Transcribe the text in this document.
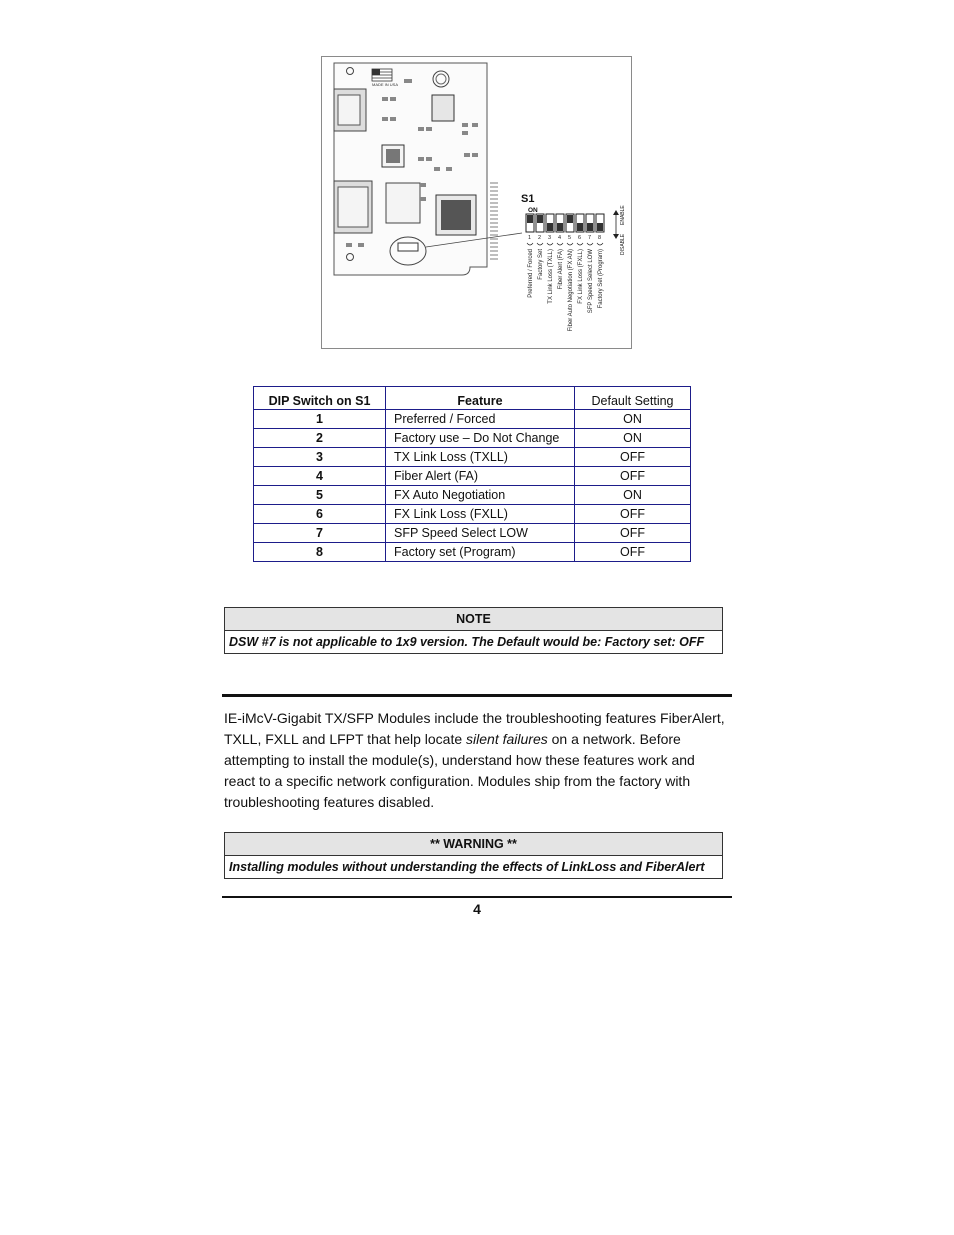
MADE IN USA
S1
ON
1 2 3 4 5 6 7 8
ENABLE
DISABLE
Preferred / Forced Factory Set TX Link Loss (TXLL) Fiber Alert (FA) Fiber Auto Negotiation (FX AN) FX Link Loss (FXLL) SFP Speed Select LOW Factory Set (Program)
DIP Switch on S1	Feature	Default Setting
1	Preferred / Forced	ON
2	Factory use – Do Not Change	ON
3	TX Link Loss (TXLL)	OFF
4	Fiber Alert (FA)	OFF
5	FX Auto Negotiation	ON
6	FX Link Loss (FXLL)	OFF
7	SFP Speed Select LOW	OFF
8	Factory set (Program)	OFF
NOTE
DSW #7 is not applicable to 1x9 version. The Default would be: Factory set: OFF

IE-iMcV-Gigabit TX/SFP Modules include the troubleshooting features FiberAlert, TXLL, FXLL and LFPT that help locate silent failures on a network. Before attempting to install the module(s), understand how these features work and react to a specific network configuration. Modules ship from the factory with troubleshooting features disabled.

** WARNING **
Installing modules without understanding the effects of LinkLoss and FiberAlert
4
